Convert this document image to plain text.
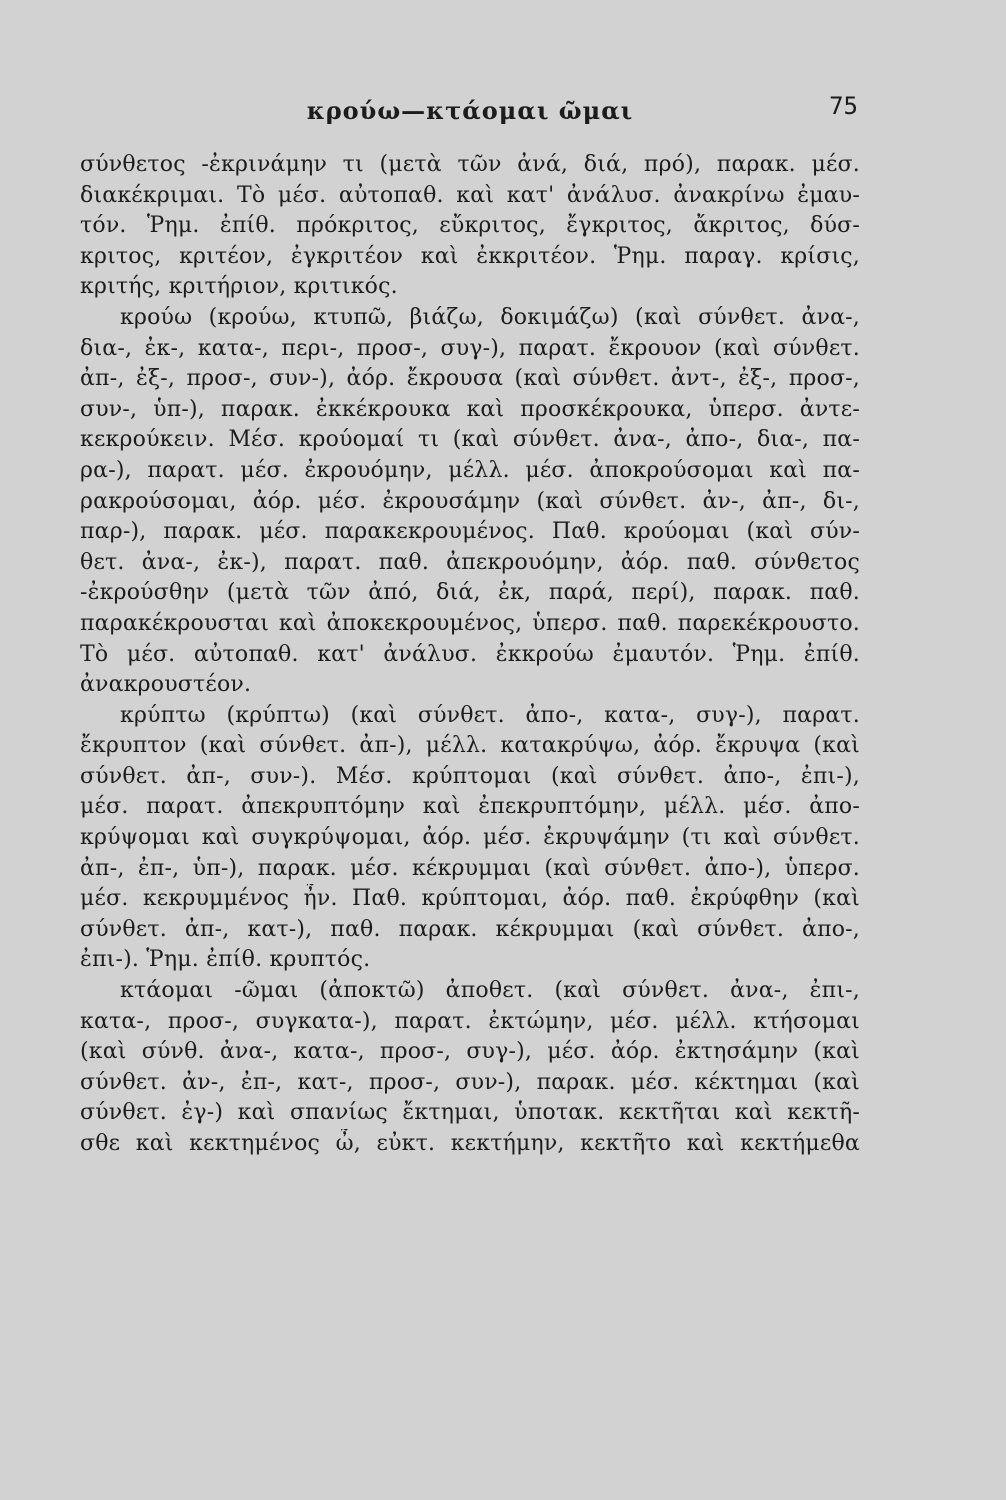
κρούω—κτάομαι ῶμαι	75
σύνθετος -ἐκρινάμην τι (μετὰ τῶν ἀνά, διά, πρό), παρακ. μέσ.
διακέκριμαι. Τὸ μέσ. αὐτοπαθ. καὶ κατ' ἀνάλυσ. ἀνακρίνω ἐμαυ-
τόν. Ῥημ. ἐπίθ. πρόκριτος, εὔκριτος, ἔγκριτος, ἄκριτος, δύσ-
κριτος, κριτέον, ἐγκριτέον καὶ ἐκκριτέον. Ῥημ. παραγ. κρίσις,
κριτής, κριτήριον, κριτικός.
κρούω (κρούω, κτυπῶ, βιάζω, δοκιμάζω) (καὶ σύνθετ. ἀνα-,
δια-, ἐκ-, κατα-, περι-, προσ-, συγ-), παρατ. ἔκρουον (καὶ σύνθετ.
ἀπ-, ἐξ-, προσ-, συν-), ἀόρ. ἔκρουσα (καὶ σύνθετ. ἀντ-, ἐξ-, προσ-,
συν-, ὑπ-), παρακ. ἐκκέκρουκα καὶ προσκέκρουκα, ὑπερσ. ἀντε-
κεκρούκειν. Μέσ. κρούομαί τι (καὶ σύνθετ. ἀνα-, ἀπο-, δια-, πα-
ρα-), παρατ. μέσ. ἐκρουόμην, μέλλ. μέσ. ἀποκρούσομαι καὶ πα-
ρακρούσομαι, ἀόρ. μέσ. ἐκρουσάμην (καὶ σύνθετ. ἀν-, ἀπ-, δι-,
παρ-), παρακ. μέσ. παρακεκρουμένος. Παθ. κρούομαι (καὶ σύν-
θετ. ἀνα-, ἐκ-), παρατ. παθ. ἀπεκρουόμην, ἀόρ. παθ. σύνθετος
-ἐκρούσθην (μετὰ τῶν ἀπό, διά, ἐκ, παρά, περί), παρακ. παθ.
παρακέκρουσται καὶ ἀποκεκρουμένος, ὑπερσ. παθ. παρεκέκρουστο.
Τὸ μέσ. αὐτοπαθ. κατ' ἀνάλυσ. ἐκκρούω ἐμαυτόν. Ῥημ. ἐπίθ.
ἀνακρουστέον.
κρύπτω (κρύπτω) (καὶ σύνθετ. ἀπο-, κατα-, συγ-), παρατ.
ἔκρυπτον (καὶ σύνθετ. ἀπ-), μέλλ. κατακρύψω, ἀόρ. ἔκρυψα (καὶ
σύνθετ. ἀπ-, συν-). Μέσ. κρύπτομαι (καὶ σύνθετ. ἀπο-, ἐπι-),
μέσ. παρατ. ἀπεκρυπτόμην καὶ ἐπεκρυπτόμην, μέλλ. μέσ. ἀπο-
κρύψομαι καὶ συγκρύψομαι, ἀόρ. μέσ. ἐκρυψάμην (τι καὶ σύνθετ.
ἀπ-, ἐπ-, ὑπ-), παρακ. μέσ. κέκρυμμαι (καὶ σύνθετ. ἀπο-), ὑπερσ.
μέσ. κεκρυμμένος ἦν. Παθ. κρύπτομαι, ἀόρ. παθ. ἐκρύφθην (καὶ
σύνθετ. ἀπ-, κατ-), παθ. παρακ. κέκρυμμαι (καὶ σύνθετ. ἀπο-,
ἐπι-). Ῥημ. ἐπίθ. κρυπτός.
κτάομαι -ῶμαι (ἀποκτῶ) ἀποθετ. (καὶ σύνθετ. ἀνα-, ἐπι-,
κατα-, προσ-, συγκατα-), παρατ. ἐκτώμην, μέσ. μέλλ. κτήσομαι
(καὶ σύνθ. ἀνα-, κατα-, προσ-, συγ-), μέσ. ἀόρ. ἐκτησάμην (καὶ
σύνθετ. ἀν-, ἐπ-, κατ-, προσ-, συν-), παρακ. μέσ. κέκτημαι (καὶ
σύνθετ. ἐγ-) καὶ σπανίως ἔκτημαι, ὑποτακ. κεκτῆται καὶ κεκτῆ-
σθε καὶ κεκτημένος ὦ, εὐκτ. κεκτήμην, κεκτῆτο καὶ κεκτήμεθα
